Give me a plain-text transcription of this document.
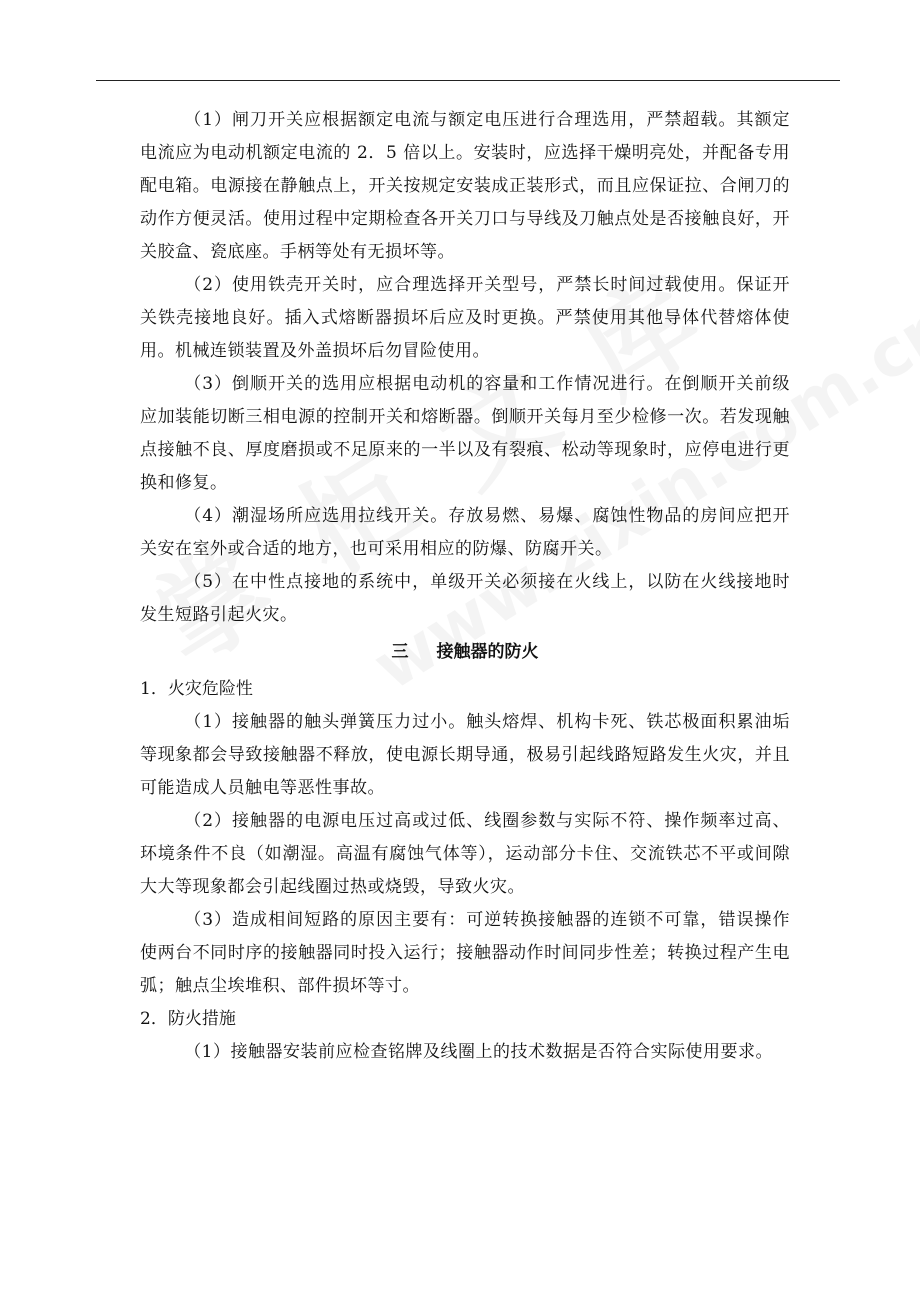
（1）闸刀开关应根据额定电流与额定电压进行合理选用，严禁超载。其额定电流应为电动机额定电流的 2．5 倍以上。安装时，应选择干燥明亮处，并配备专用配电箱。电源接在静触点上，开关按规定安装成正装形式，而且应保证拉、合闸刀的动作方便灵活。使用过程中定期检查各开关刀口与导线及刀触点处是否接触良好，开关胶盒、瓷底座。手柄等处有无损坏等。

（2）使用铁壳开关时，应合理选择开关型号，严禁长时间过载使用。保证开关铁壳接地良好。插入式熔断器损坏后应及时更换。严禁使用其他导体代替熔体使用。机械连锁装置及外盖损坏后勿冒险使用。

（3）倒顺开关的选用应根据电动机的容量和工作情况进行。在倒顺开关前级应加装能切断三相电源的控制开关和熔断器。倒顺开关每月至少检修一次。若发现触点接触不良、厚度磨损或不足原来的一半以及有裂痕、松动等现象时，应停电进行更换和修复。

（4）潮湿场所应选用拉线开关。存放易燃、易爆、腐蚀性物品的房间应把开关安在室外或合适的地方，也可采用相应的防爆、防腐开关。

（5）在中性点接地的系统中，单级开关必须接在火线上，以防在火线接地时发生短路引起火灾。

三 接触器的防火

1．火灾危险性

（1）接触器的触头弹簧压力过小。触头熔焊、机构卡死、铁芯极面积累油垢等现象都会导致接触器不释放，使电源长期导通，极易引起线路短路发生火灾，并且可能造成人员触电等恶性事故。

（2）接触器的电源电压过高或过低、线圈参数与实际不符、操作频率过高、环境条件不良（如潮湿。高温有腐蚀气体等），运动部分卡住、交流铁芯不平或间隙大大等现象都会引起线圈过热或烧毁，导致火灾。

（3）造成相间短路的原因主要有：可逆转换接触器的连锁不可靠，错误操作使两台不同时序的接触器同时投入运行；接触器动作时间同步性差；转换过程产生电弧；触点尘埃堆积、部件损坏等寸。

2．防火措施

（1）接触器安装前应检查铭牌及线圈上的技术数据是否符合实际使用要求。
